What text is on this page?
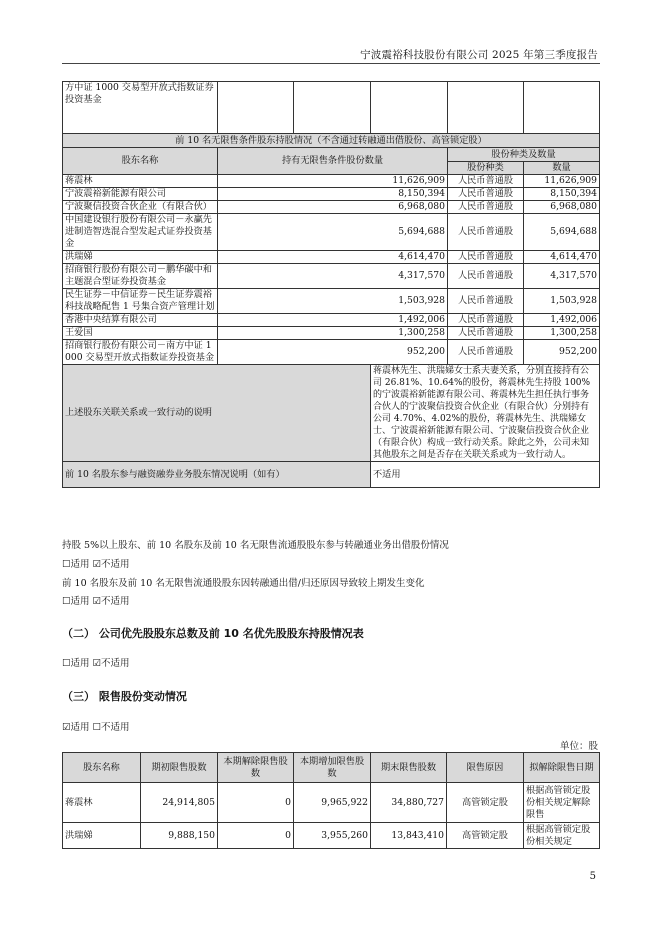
宁波震裕科技股份有限公司 2025 年第三季度报告
方中证 1000 交易型开放式指数证券投资基金					
前 10 名无限售条件股东持股情况（不含通过转融通出借股份、高管锁定股）					
股东名称	持有无限售条件股份数量			股份种类及数量	
				股份种类	数量
蒋震林	11,626,909			人民币普通股	11,626,909
宁波震裕新能源有限公司	8,150,394			人民币普通股	8,150,394
宁波聚信投资合伙企业（有限合伙）	6,968,080			人民币普通股	6,968,080
中国建设银行股份有限公司－永赢先进制造智选混合型发起式证券投资基金	5,694,688			人民币普通股	5,694,688
洪瑞娣	4,614,470			人民币普通股	4,614,470
招商银行股份有限公司－鹏华碳中和主题混合型证券投资基金	4,317,570			人民币普通股	4,317,570
民生证券－中信证券－民生证券震裕科技战略配售 1 号集合资产管理计划	1,503,928			人民币普通股	1,503,928
香港中央结算有限公司	1,492,006			人民币普通股	1,492,006
王爱国	1,300,258			人民币普通股	1,300,258
招商银行股份有限公司－南方中证 1000 交易型开放式指数证券投资基金	952,200			人民币普通股	952,200
上述股东关联关系或一致行动的说明			蒋震林先生、洪瑞娣女士系夫妻关系，分别直接持有公司 26.81%、10.64%的股份，蒋震林先生持股 100%的宁波震裕新能源有限公司、蒋震林先生担任执行事务合伙人的宁波聚信投资合伙企业（有限合伙）分别持有公司 4.70%、4.02%的股份，蒋震林先生、洪瑞娣女士、宁波震裕新能源有限公司、宁波聚信投资合伙企业（有限合伙）构成一致行动关系。除此之外，公司未知其他股东之间是否存在关联关系或为一致行动人。		
前 10 名股东参与融资融券业务股东情况说明（如有）			不适用		
持股 5%以上股东、前 10 名股东及前 10 名无限售流通股股东参与转融通业务出借股份情况
☐适用 ☑不适用
前 10 名股东及前 10 名无限售流通股股东因转融通出借/归还原因导致较上期发生变化
☐适用 ☑不适用
（二） 公司优先股股东总数及前 10 名优先股股东持股情况表
☐适用 ☑不适用
（三） 限售股份变动情况
☑适用 ☐不适用
单位：股
股东名称	期初限售股数	本期解除限售股数	本期增加限售股数	期末限售股数	限售原因	拟解除限售日期
蒋震林	24,914,805	0	9,965,922	34,880,727	高管锁定股	根据高管锁定股份相关规定解除限售
洪瑞娣	9,888,150	0	3,955,260	13,843,410	高管锁定股	根据高管锁定股份相关规定
5
